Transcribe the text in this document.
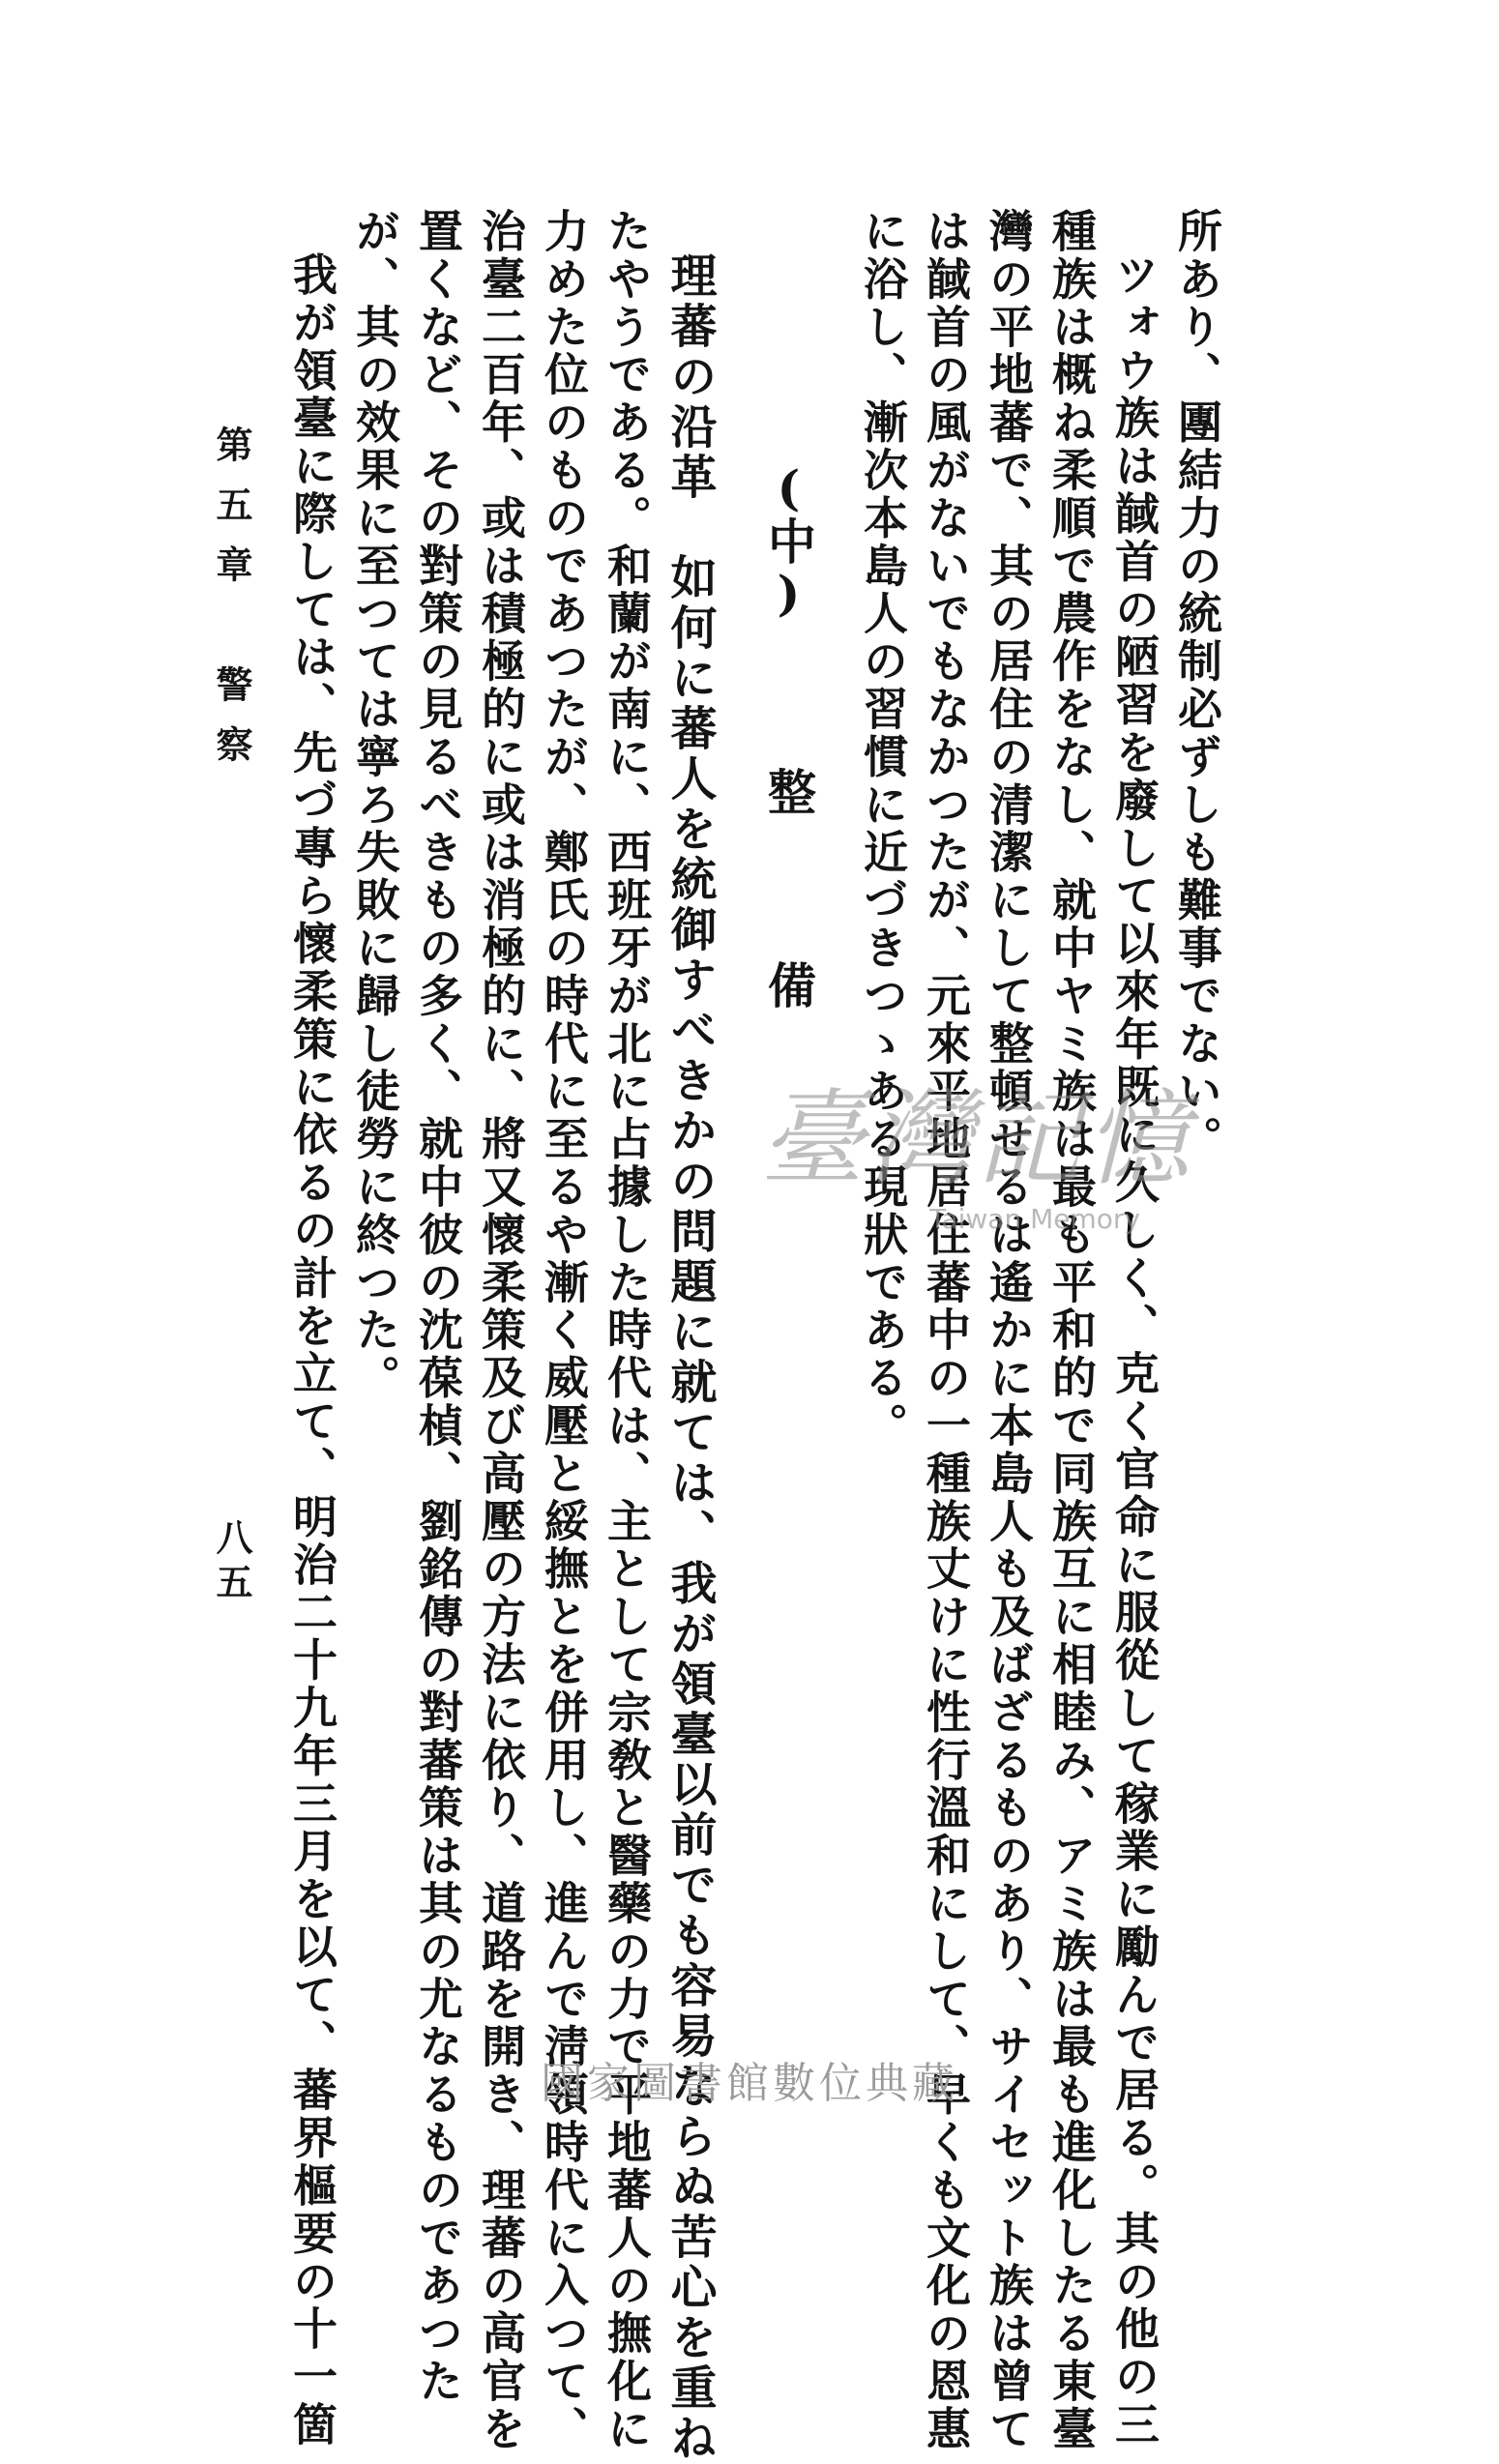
所あり、團結力の統制必ずしも難事でない。
ツォウ族は馘首の陋習を廢して以來年既に久しく、克く官命に服從して稼業に勵んで居る。其の他の三
種族は概ね柔順で農作をなし、就中ヤミ族は最も平和的で同族互に相睦み、アミ族は最も進化したる東臺
灣の平地蕃で、其の居住の清潔にして整頓せるは遙かに本島人も及ばざるものあり、サイセット族は曾て
は馘首の風がないでもなかつたが、元來平地居住蕃中の一種族丈けに性行溫和にして、早くも文化の恩惠
に浴し、漸次本島人の習慣に近づきつゝある現狀である。
(中)整備
理蕃の沿革　如何に蕃人を統御すべきかの問題に就ては、我が領臺以前でも容易ならぬ苦心を重ね
たやうである。和蘭が南に、西班牙が北に占據した時代は、主として宗敎と醫藥の力で平地蕃人の撫化に
力めた位のものであつたが、鄭氏の時代に至るや漸く威壓と綏撫とを併用し、進んで淸領時代に入つて、
治臺二百年、或は積極的に或は消極的に、將又懷柔策及び高壓の方法に依り、道路を開き、理蕃の高官を
置くなど、その對策の見るべきもの多く、就中彼の沈葆楨、劉銘傳の對蕃策は其の尤なるものであつた
が、其の效果に至つては寧ろ失敗に歸し徒勞に終つた。
我が領臺に際しては、先づ專ら懷柔策に依るの計を立て、明治二十九年三月を以て、蕃界樞要の十一箇
第五章　警察
八五
臺灣記憶
Taiwan Memory
國家圖書館數位典藏
